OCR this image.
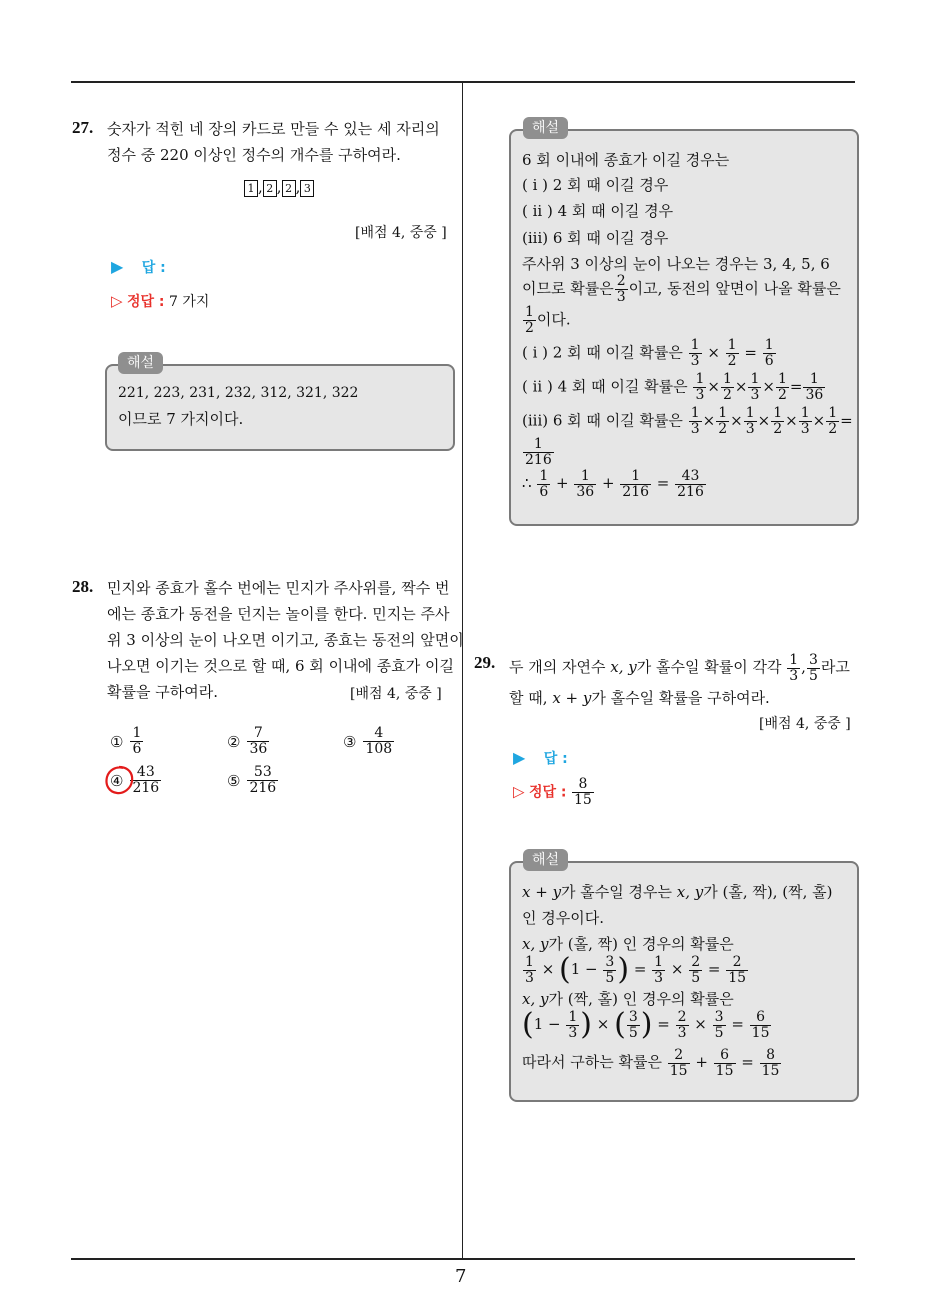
7
27. 숫자가 적힌 네 장의 카드로 만들 수 있는 세 자리의
정수 중 220 이상인 정수의 개수를 구하여라.
1 , 2 , 2 , 3
[배점 4, 중중 ]
▶ 답 :
▷ 정답 : 7 가지
해설
221, 223, 231, 232, 312, 321, 322
이므로 7 가지이다.
28. 민지와 종효가 홀수 번에는 민지가 주사위를, 짝수 번
에는 종효가 동전을 던지는 놀이를 한다. 민지는 주사
위 3 이상의 눈이 나오면 이기고, 종효는 동전의 앞면이
나오면 이기는 것으로 할 때, 6 회 이내에 종효가 이길
확률을 구하여라.	[배점 4, 중중 ]
① $\frac{1}{6}$	② $\frac{7}{36}$	③ $\frac{4}{108}$
④ $\frac{43}{216}$	⑤ $\frac{53}{216}$
해설
6 회 이내에 종효가 이길 경우는
( i ) 2 회 때 이길 경우
( ii ) 4 회 때 이길 경우
(iii) 6 회 때 이길 경우
주사위 3 이상의 눈이 나오는 경우는 3, 4, 5, 6
이므로 확률은 $\frac{2}{3}$ 이고, 동전의 앞면이 나올 확률은
$\frac{1}{2}$ 이다.
( i ) 2 회 때 이길 확률은 $\frac{1}{3} \times \frac{1}{2} = \frac{1}{6}$
( ii ) 4 회 때 이길 확률은 $\frac{1}{3} \times \frac{1}{2} \times \frac{1}{3} \times \frac{1}{2} = \frac{1}{36}$
(iii) 6 회 때 이길 확률은 $\frac{1}{3} \times \frac{1}{2} \times \frac{1}{3} \times \frac{1}{2} \times \frac{1}{3} \times \frac{1}{2}$ =
$\frac{1}{216}$
∴ $\frac{1}{6} + \frac{1}{36} + \frac{1}{216} = \frac{43}{216}$
29. 두 개의 자연수 x, y가 홀수일 확률이 각각 $\frac{1}{3}$ , $\frac{3}{5}$ 라고
할 때, x + y가 홀수일 확률을 구하여라.
[배점 4, 중중 ]
▶ 답 :
▷ 정답 : $\frac{8}{15}$
해설
x + y가 홀수일 경우는 x, y가 (홀, 짝), (짝, 홀)
인 경우이다.
x, y가 (홀, 짝) 인 경우의 확률은
$\frac{1}{3} \times (1 - \frac{3}{5}$ ) = $\frac{1}{3} \times \frac{2}{5} = \frac{2}{15}$
x, y가 (짝, 홀) 인 경우의 확률은
($1 - \frac{1}{3}$ ) × ( $\frac{3}{5}$ ) = $\frac{2}{3} \times \frac{3}{5} = \frac{6}{15}$
따라서 구하는 확률은 $\frac{2}{15} + \frac{6}{15} = \frac{8}{15}$
